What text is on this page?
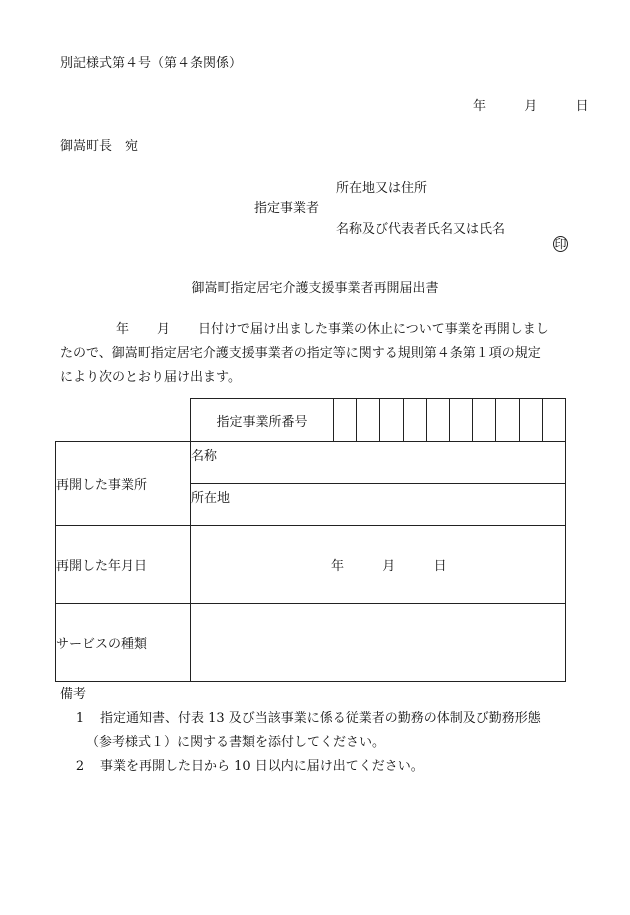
別記様式第４号（第４条関係）
年	月	日
御嵩町長　宛
所在地又は住所
指定事業者
名称及び代表者氏名又は氏名
印
御嵩町指定居宅介護支援事業者再開届出書
年 月 日付けで届け出ました事業の休止について事業を再開しまし

たので、御嵩町指定居宅介護支援事業者の指定等に関する規則第４条第１項の規定

により次のとおり届け出ます。

	指定事業所番号	

再開した事業所	名称	
	所在地	
再開した年月日	年 月 日	

サービスの種類		
備考
1	指定通知書、付表 13 及び当該事業に係る従業者の勤務の体制及び勤務形態
（参考様式１）に関する書類を添付してください。
2	事業を再開した日から 10 日以内に届け出てください。
